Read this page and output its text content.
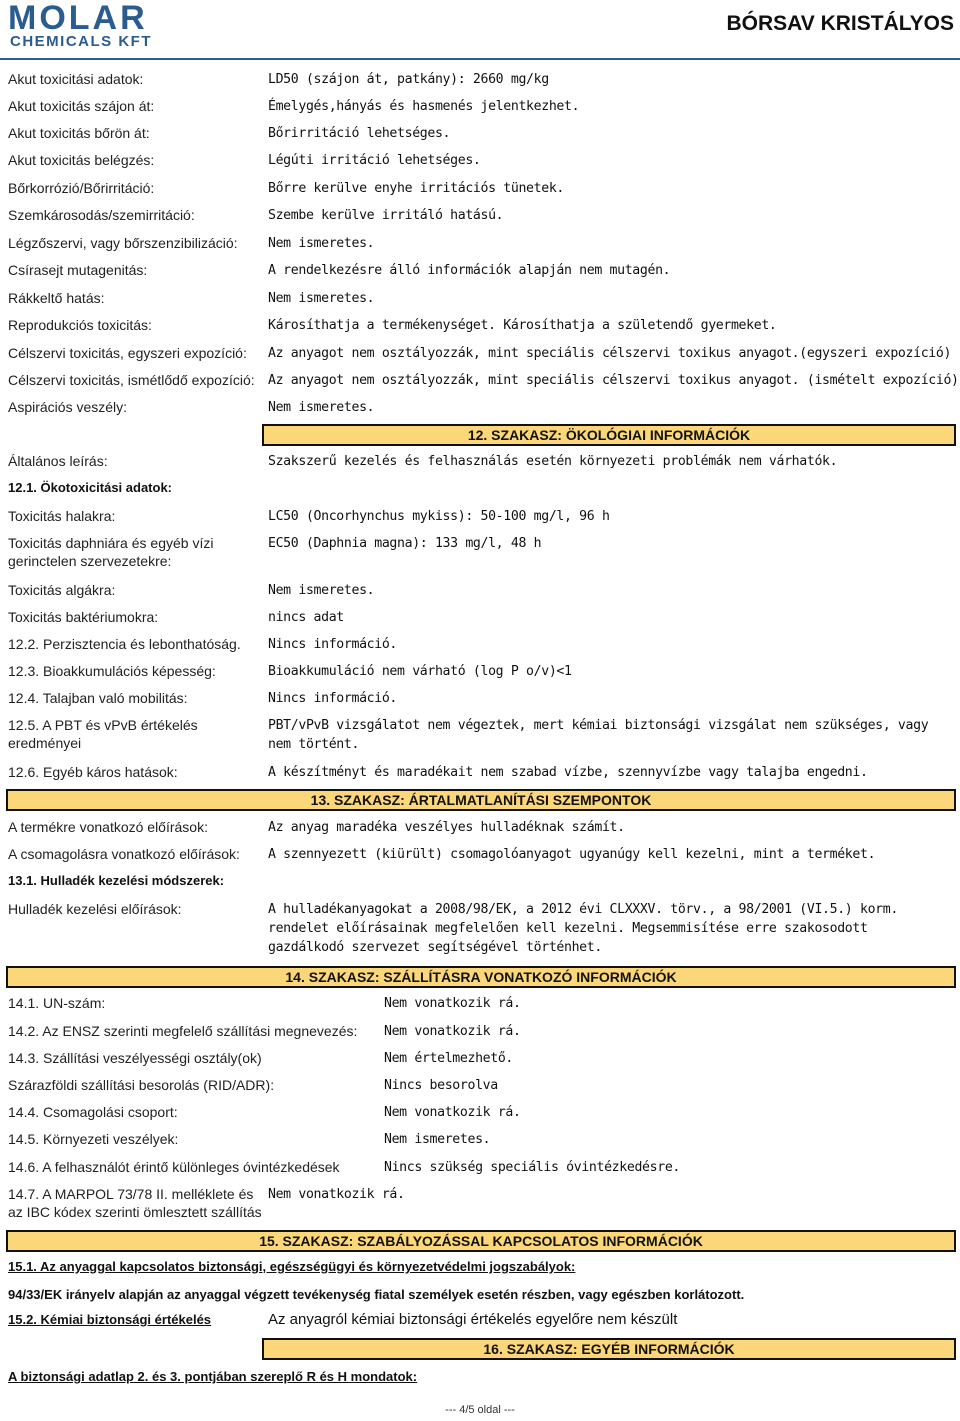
MOLAR
CHEMICALS KFT
BÓRSAV KRISTÁLYOS
Akut toxicitási adatok:	LD50 (szájon át, patkány): 2660 mg/kg
Akut toxicitás szájon át:	Émelygés,hányás és hasmenés jelentkezhet.
Akut toxicitás bőrön át:	Bőrirritáció lehetséges.
Akut toxicitás belégzés:	Légúti irritáció lehetséges.
Bőrkorrózió/Bőrirritáció:	Bőrre kerülve enyhe irritációs tünetek.
Szemkárosodás/szemirritáció:	Szembe kerülve irritáló hatású.
Légzőszervi, vagy bőrszenzibilizáció: Nem ismeretes.
Csírasejt mutagenitás:	A rendelkezésre álló információk alapján nem mutagén.
Rákkeltő hatás:	Nem ismeretes.
Reprodukciós toxicitás:	Károsíthatja a termékenységet. Károsíthatja a születendő gyermeket.
Célszervi toxicitás, egyszeri expozíció: Az anyagot nem osztályozzák, mint speciális célszervi toxikus anyagot.(egyszeri expozíció)
Célszervi toxicitás, ismétlődő expozíció: Az anyagot nem osztályozzák, mint speciális célszervi toxikus anyagot. (ismételt expozíció)
Aspirációs veszély:	Nem ismeretes.
12. SZAKASZ: ÖKOLÓGIAI INFORMÁCIÓK
Általános leírás:	Szakszerű kezelés és felhasználás esetén környezeti problémák nem várhatók.
12.1. Ökotoxicitási adatok:
Toxicitás halakra:	LC50 (Oncorhynchus mykiss): 50-100 mg/l, 96 h
Toxicitás daphniára és egyéb vízi gerinctelen szervezetekre:
EC50 (Daphnia magna): 133 mg/l, 48 h
Toxicitás algákra:	Nem ismeretes.
Toxicitás baktériumokra:	nincs adat
12.2. Perzisztencia és lebonthatóság. Nincs információ.
12.3. Bioakkumulációs képesség:	Bioakkumuláció nem várható (log P o/v)<1
12.4. Talajban való mobilitás:	Nincs információ.
12.5. A PBT és vPvB értékelés eredményei
PBT/vPvB vizsgálatot nem végeztek, mert kémiai biztonsági vizsgálat nem szükséges, vagy nem történt.
12.6. Egyéb káros hatások:	A készítményt és maradékait nem szabad vízbe, szennyvízbe vagy talajba engedni.
13. SZAKASZ: ÁRTALMATLANÍTÁSI SZEMPONTOK
A termékre vonatkozó előírások:	Az anyag maradéka veszélyes hulladéknak számít.
A csomagolásra vonatkozó előírások: A szennyezett (kiürült) csomagolóanyagot ugyanúgy kell kezelni, mint a terméket.
13.1. Hulladék kezelési módszerek:
Hulladék kezelési előírások:	A hulladékanyagokat a 2008/98/EK, a 2012 évi CLXXXV. törv., a 98/2001 (VI.5.) korm. rendelet előírásainak megfelelően kell kezelni. Megsemmisítése erre szakosodott gazdálkodó szervezet segítségével történhet.
14. SZAKASZ: SZÁLLÍTÁSRA VONATKOZÓ INFORMÁCIÓK
14.1. UN-szám:	Nem vonatkozik rá.
14.2. Az ENSZ szerinti megfelelő szállítási megnevezés: Nem vonatkozik rá.
14.3. Szállítási veszélyességi osztály(ok)	Nem értelmezhető.
Szárazföldi szállítási besorolás (RID/ADR):	Nincs besorolva
14.4. Csomagolási csoport:	Nem vonatkozik rá.
14.5. Környezeti veszélyek:	Nem ismeretes.
14.6. A felhasználót érintő különleges óvintézkedések	Nincs szükség speciális óvintézkedésre.
14.7. A MARPOL 73/78 II. melléklete és az IBC kódex szerinti ömlesztett szállítás
Nem vonatkozik rá.
15. SZAKASZ: SZABÁLYOZÁSSAL KAPCSOLATOS INFORMÁCIÓK
15.1. Az anyaggal kapcsolatos biztonsági, egészségügyi és környezetvédelmi jogszabályok:
94/33/EK irányelv alapján az anyaggal végzett tevékenység fiatal személyek esetén részben, vagy egészben korlátozott.
15.2. Kémiai biztonsági értékelés	Az anyagról kémiai biztonsági értékelés egyelőre nem készült
16. SZAKASZ: EGYÉB INFORMÁCIÓK
A biztonsági adatlap 2. és 3. pontjában szereplő R és H mondatok:
--- 4/5 oldal ---
